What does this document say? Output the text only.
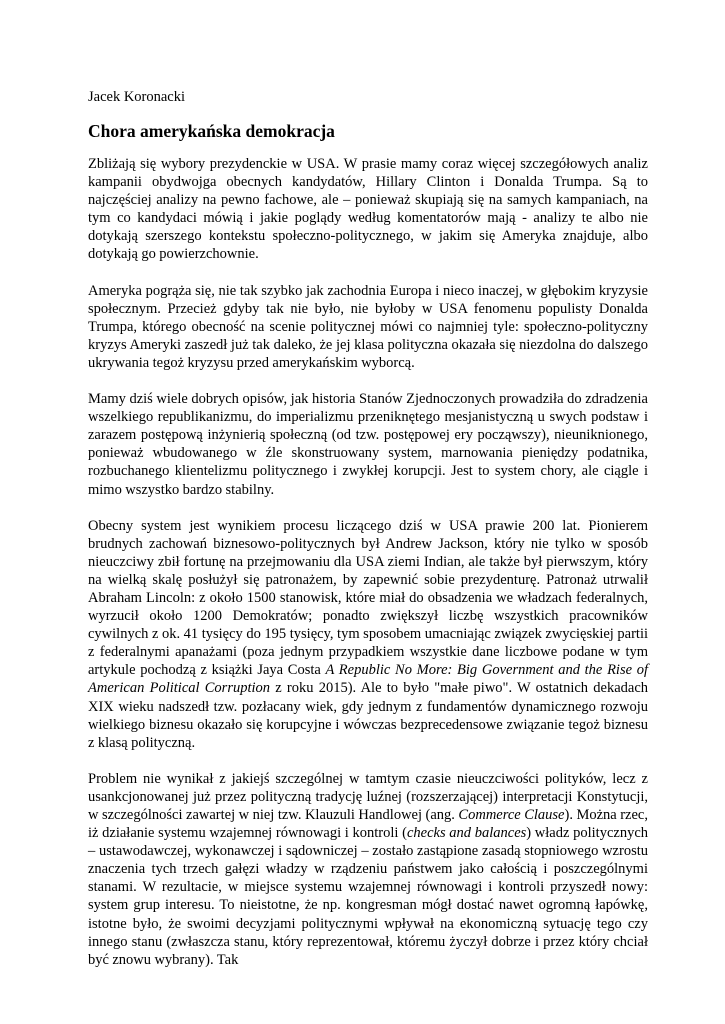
Jacek Koronacki

Chora amerykańska demokracja

Zbliżają się wybory prezydenckie w USA. W prasie mamy coraz więcej szczegółowych analiz kampanii obydwojga obecnych kandydatów, Hillary Clinton i Donalda Trumpa. Są to najczęściej analizy na pewno fachowe, ale – ponieważ skupiają się na samych kampaniach, na tym co kandydaci mówią i jakie poglądy według komentatorów mają - analizy te albo nie dotykają szerszego kontekstu społeczno-politycznego, w jakim się Ameryka znajduje, albo dotykają go powierzchownie.

Ameryka pogrąża się, nie tak szybko jak zachodnia Europa i nieco inaczej, w głębokim kryzysie społecznym. Przecież gdyby tak nie było, nie byłoby w USA fenomenu populisty Donalda Trumpa, którego obecność na scenie politycznej mówi co najmniej tyle: społeczno-polityczny kryzys Ameryki zaszedł już tak daleko, że jej klasa polityczna okazała się niezdolna do dalszego ukrywania tegoż kryzysu przed amerykańskim wyborcą.

Mamy dziś wiele dobrych opisów, jak historia Stanów Zjednoczonych prowadziła do zdradzenia wszelkiego republikanizmu, do imperializmu przeniknętego mesjanistyczną u swych podstaw i zarazem postępową inżynierią społeczną (od tzw. postępowej ery począwszy), nieuniknionego, ponieważ wbudowanego w źle skonstruowany system, marnowania pieniędzy podatnika, rozbuchanego klientelizmu politycznego i zwykłej korupcji. Jest to system chory, ale ciągle i mimo wszystko bardzo stabilny.

Obecny system jest wynikiem procesu liczącego dziś w USA prawie 200 lat. Pionierem brudnych zachowań biznesowo-politycznych był Andrew Jackson, który nie tylko w sposób nieuczciwy zbił fortunę na przejmowaniu dla USA ziemi Indian, ale także był pierwszym, który na wielką skalę posłużył się patronażem, by zapewnić sobie prezydenturę. Patronaż utrwalił Abraham Lincoln: z około 1500 stanowisk, które miał do obsadzenia we władzach federalnych, wyrzucił około 1200 Demokratów; ponadto zwiększył liczbę wszystkich pracowników cywilnych z ok. 41 tysięcy do 195 tysięcy, tym sposobem umacniając związek zwycięskiej partii z federalnymi apanażami (poza jednym przypadkiem wszystkie dane liczbowe podane w tym artykule pochodzą z książki Jaya Costa A Republic No More: Big Government and the Rise of American Political Corruption z roku 2015). Ale to było "małe piwo". W ostatnich dekadach XIX wieku nadszedł tzw. pozłacany wiek, gdy jednym z fundamentów dynamicznego rozwoju wielkiego biznesu okazało się korupcyjne i wówczas bezprecedensowe związanie tegoż biznesu z klasą polityczną.

Problem nie wynikał z jakiejś szczególnej w tamtym czasie nieuczciwości polityków, lecz z usankcjonowanej już przez polityczną tradycję luźnej (rozszerzającej) interpretacji Konstytucji, w szczególności zawartej w niej tzw. Klauzuli Handlowej (ang. Commerce Clause). Można rzec, iż działanie systemu wzajemnej równowagi i kontroli (checks and balances) władz politycznych – ustawodawczej, wykonawczej i sądowniczej – zostało zastąpione zasadą stopniowego wzrostu znaczenia tych trzech gałęzi władzy w rządzeniu państwem jako całością i poszczególnymi stanami. W rezultacie, w miejsce systemu wzajemnej równowagi i kontroli przyszedł nowy: system grup interesu. To nieistotne, że np. kongresman mógł dostać nawet ogromną łapówkę, istotne było, że swoimi decyzjami politycznymi wpływał na ekonomiczną sytuację tego czy innego stanu (zwłaszcza stanu, który reprezentował, któremu życzył dobrze i przez który chciał być znowu wybrany). Tak
